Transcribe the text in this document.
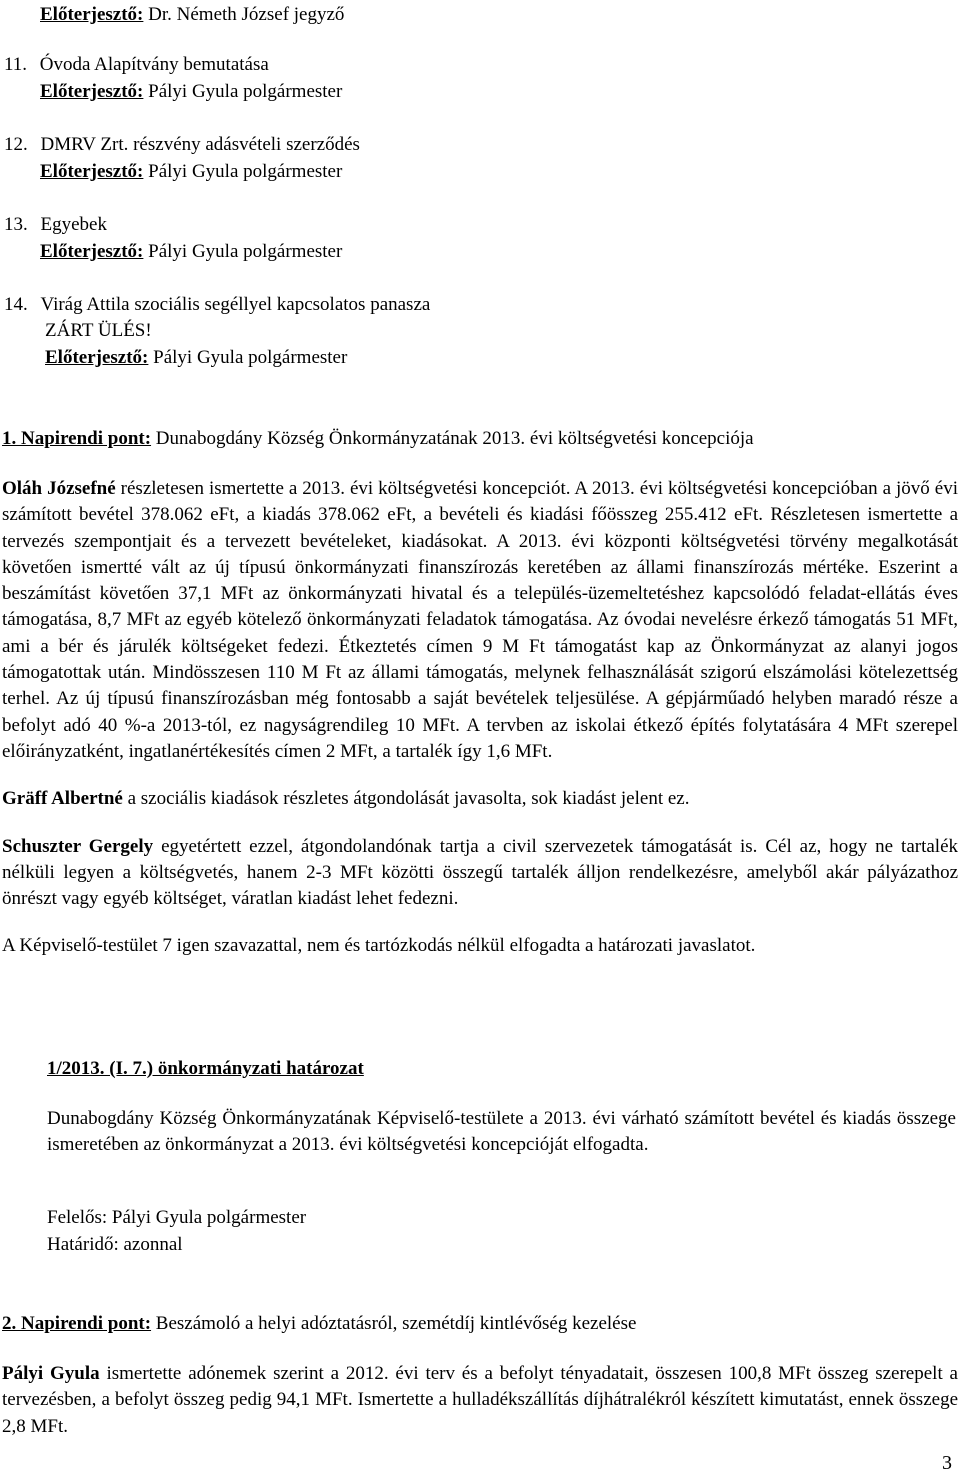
Előterjesztő: Dr. Németh József jegyző
11. Óvoda Alapítvány bemutatása
Előterjesztő: Pályi Gyula polgármester
12. DMRV Zrt. részvény adásvételi szerződés
Előterjesztő: Pályi Gyula polgármester
13. Egyebek
Előterjesztő: Pályi Gyula polgármester
14. Virág Attila szociális segéllyel kapcsolatos panasza
ZÁRT ÜLÉS!
Előterjesztő: Pályi Gyula polgármester
1. Napirendi pont: Dunabogdány Község Önkormányzatának 2013. évi költségvetési koncepciója

Oláh Józsefné részletesen ismertette a 2013. évi költségvetési koncepciót. A 2013. évi költségvetési koncepcióban a jövő évi számított bevétel 378.062 eFt, a kiadás 378.062 eFt, a bevételi és kiadási főösszeg 255.412 eFt. Részletesen ismertette a tervezés szempontjait és a tervezett bevételeket, kiadásokat. A 2013. évi központi költségvetési törvény megalkotását követően ismertté vált az új típusú önkormányzati finanszírozás keretében az állami finanszírozás mértéke. Eszerint a beszámítást követően 37,1 MFt az önkormányzati hivatal és a település-üzemeltetéshez kapcsolódó feladat-ellátás éves támogatása, 8,7 MFt az egyéb kötelező önkormányzati feladatok támogatása. Az óvodai nevelésre érkező támogatás 51 MFt, ami a bér és járulék költségeket fedezi. Étkeztetés címen 9 M Ft támogatást kap az Önkormányzat az alanyi jogos támogatottak után. Mindösszesen 110 M Ft az állami támogatás, melynek felhasználását szigorú elszámolási kötelezettség terhel. Az új típusú finanszírozásban még fontosabb a saját bevételek teljesülése. A gépjárműadó helyben maradó része a befolyt adó 40 %-a 2013-tól, ez nagyságrendileg 10 MFt. A tervben az iskolai étkező építés folytatására 4 MFt szerepel előirányzatként, ingatlanértékesítés címen 2 MFt, a tartalék így 1,6 MFt.

Gräff Albertné a szociális kiadások részletes átgondolását javasolta, sok kiadást jelent ez.

Schuszter Gergely egyetértett ezzel, átgondolandónak tartja a civil szervezetek támogatását is. Cél az, hogy ne tartalék nélküli legyen a költségvetés, hanem 2-3 MFt közötti összegű tartalék álljon rendelkezésre, amelyből akár pályázathoz önrészt vagy egyéb költséget, váratlan kiadást lehet fedezni.

A Képviselő-testület 7 igen szavazattal, nem és tartózkodás nélkül elfogadta a határozati javaslatot.

1/2013. (I. 7.) önkormányzati határozat
Dunabogdány Község Önkormányzatának Képviselő-testülete a 2013. évi várható számított bevétel és kiadás összege ismeretében az önkormányzat a 2013. évi költségvetési koncepcióját elfogadta.
Felelős: Pályi Gyula polgármester
Határidő: azonnal
2. Napirendi pont: Beszámoló a helyi adóztatásról, szemétdíj kintlévőség kezelése

Pályi Gyula ismertette adónemek szerint a 2012. évi terv és a befolyt tényadatait, összesen 100,8 MFt összeg szerepelt a tervezésben, a befolyt összeg pedig 94,1 MFt. Ismertette a hulladékszállítás díjhátralékról készített kimutatást, ennek összege 2,8 MFt.

3
